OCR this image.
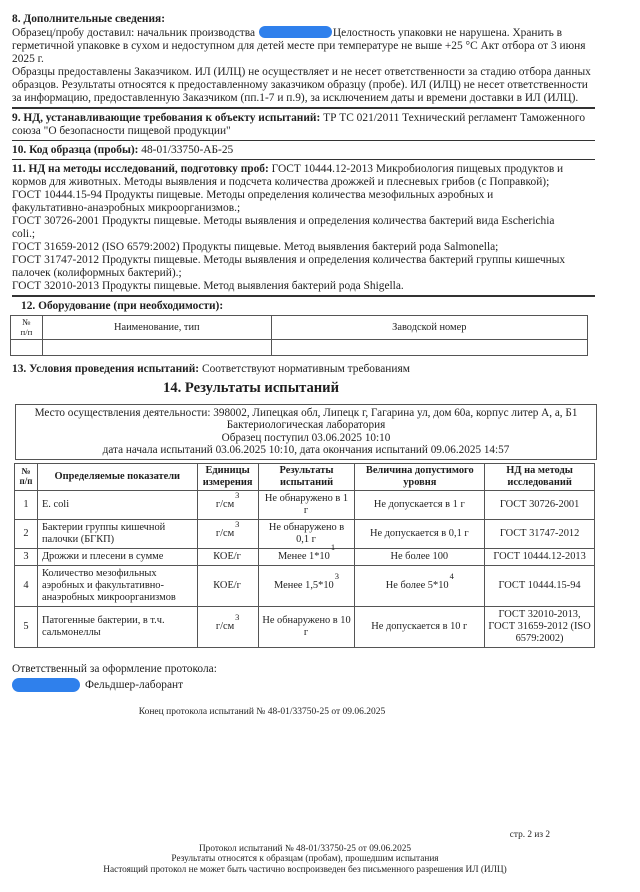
8. Дополнительные сведения:
Образец/пробу доставил: начальник производства	Целостность упаковки не нарушена. Хранить в герметичной упаковке в сухом и недоступном для детей месте при температуре не выше +25 °C Акт отбора от 3 июня 2025 г.
Образцы предоставлены Заказчиком. ИЛ (ИЛЦ) не осуществляет и не несет ответственности за стадию отбора данных образцов. Результаты относятся к предоставленному заказчиком образцу (пробе). ИЛ (ИЛЦ) не несет ответственности за информацию, предоставленную Заказчиком (пп.1-7 и п.9), за исключением даты и времени доставки в ИЛ (ИЛЦ).
9. НД, устанавливающие требования к объекту испытаний: ТР ТС 021/2011 Технический регламент Таможенного союза "О безопасности пищевой продукции"
10. Код образца (пробы): 48-01/33750-АБ-25
11. НД на методы исследований, подготовку проб: ГОСТ 10444.12-2013 Микробиология пищевых продуктов и
кормов для животных. Методы выявления и подсчета количества дрожжей и плесневых грибов (с Поправкой);
ГОСТ 10444.15-94 Продукты пищевые. Методы определения количества мезофильных аэробных и
факультативно-анаэробных микроорганизмов.;
ГОСТ 30726-2001 Продукты пищевые. Методы выявления и определения количества бактерий вида Escherichia
coli.;
ГОСТ 31659-2012 (ISO 6579:2002) Продукты пищевые. Метод выявления бактерий рода Salmonella;
ГОСТ 31747-2012 Продукты пищевые. Методы выявления и определения количества бактерий группы кишечных
палочек (колиформных бактерий).;
ГОСТ 32010-2013 Продукты пищевые. Метод выявления бактерий рода Shigella.
12. Оборудование (при необходимости):
№
п/п	Наименование, тип	Заводской номер

13. Условия проведения испытаний: Соответствуют нормативным требованиям
14. Результаты испытаний
Место осуществления деятельности: 398002, Липецкая обл, Липецк г, Гагарина ул, дом 60а, корпус литер А, а, Б1
Бактериологическая лаборатория
Образец поступил 03.06.2025 10:10
дата начала испытаний 03.06.2025 10:10, дата окончания испытаний 09.06.2025 14:57
№
п/п	Определяемые показатели	Единицы измерения	Результаты испытаний	Величина допустимого уровня	НД на методы исследований
1	E. coli	$г/см^3$	Не обнаружено в 1 г	Не допускается в 1 г	ГОСТ 30726-2001
2	Бактерии группы кишечной палочки (БГКП)	$г/см^3$	Не обнаружено в 0,1 г	Не допускается в 0,1 г	ГОСТ 31747-2012
3	Дрожжи и плесени в сумме	КОЕ/г	Менее $1*10^1$	Не более 100	ГОСТ 10444.12-2013
4	Количество мезофильных аэробных и факультативно-анаэробных микроорганизмов	КОЕ/г	Менее $1,5*10^3$	Не более $5*10^4$	ГОСТ 10444.15-94
5	Патогенные бактерии, в т.ч. сальмонеллы	$г/см^3$	Не обнаружено в 10 г	Не допускается в 10 г	ГОСТ 32010-2013, ГОСТ 31659-2012 (ISO 6579:2002)
Ответственный за оформление протокола:
Фельдшер-лаборант
Конец протокола испытаний № 48-01/33750-25 от 09.06.2025
стр. 2 из 2
Протокол испытаний № 48-01/33750-25 от 09.06.2025
Результаты относятся к образцам (пробам), прошедшим испытания
Настоящий протокол не может быть частично воспроизведен без письменного разрешения ИЛ (ИЛЦ)
